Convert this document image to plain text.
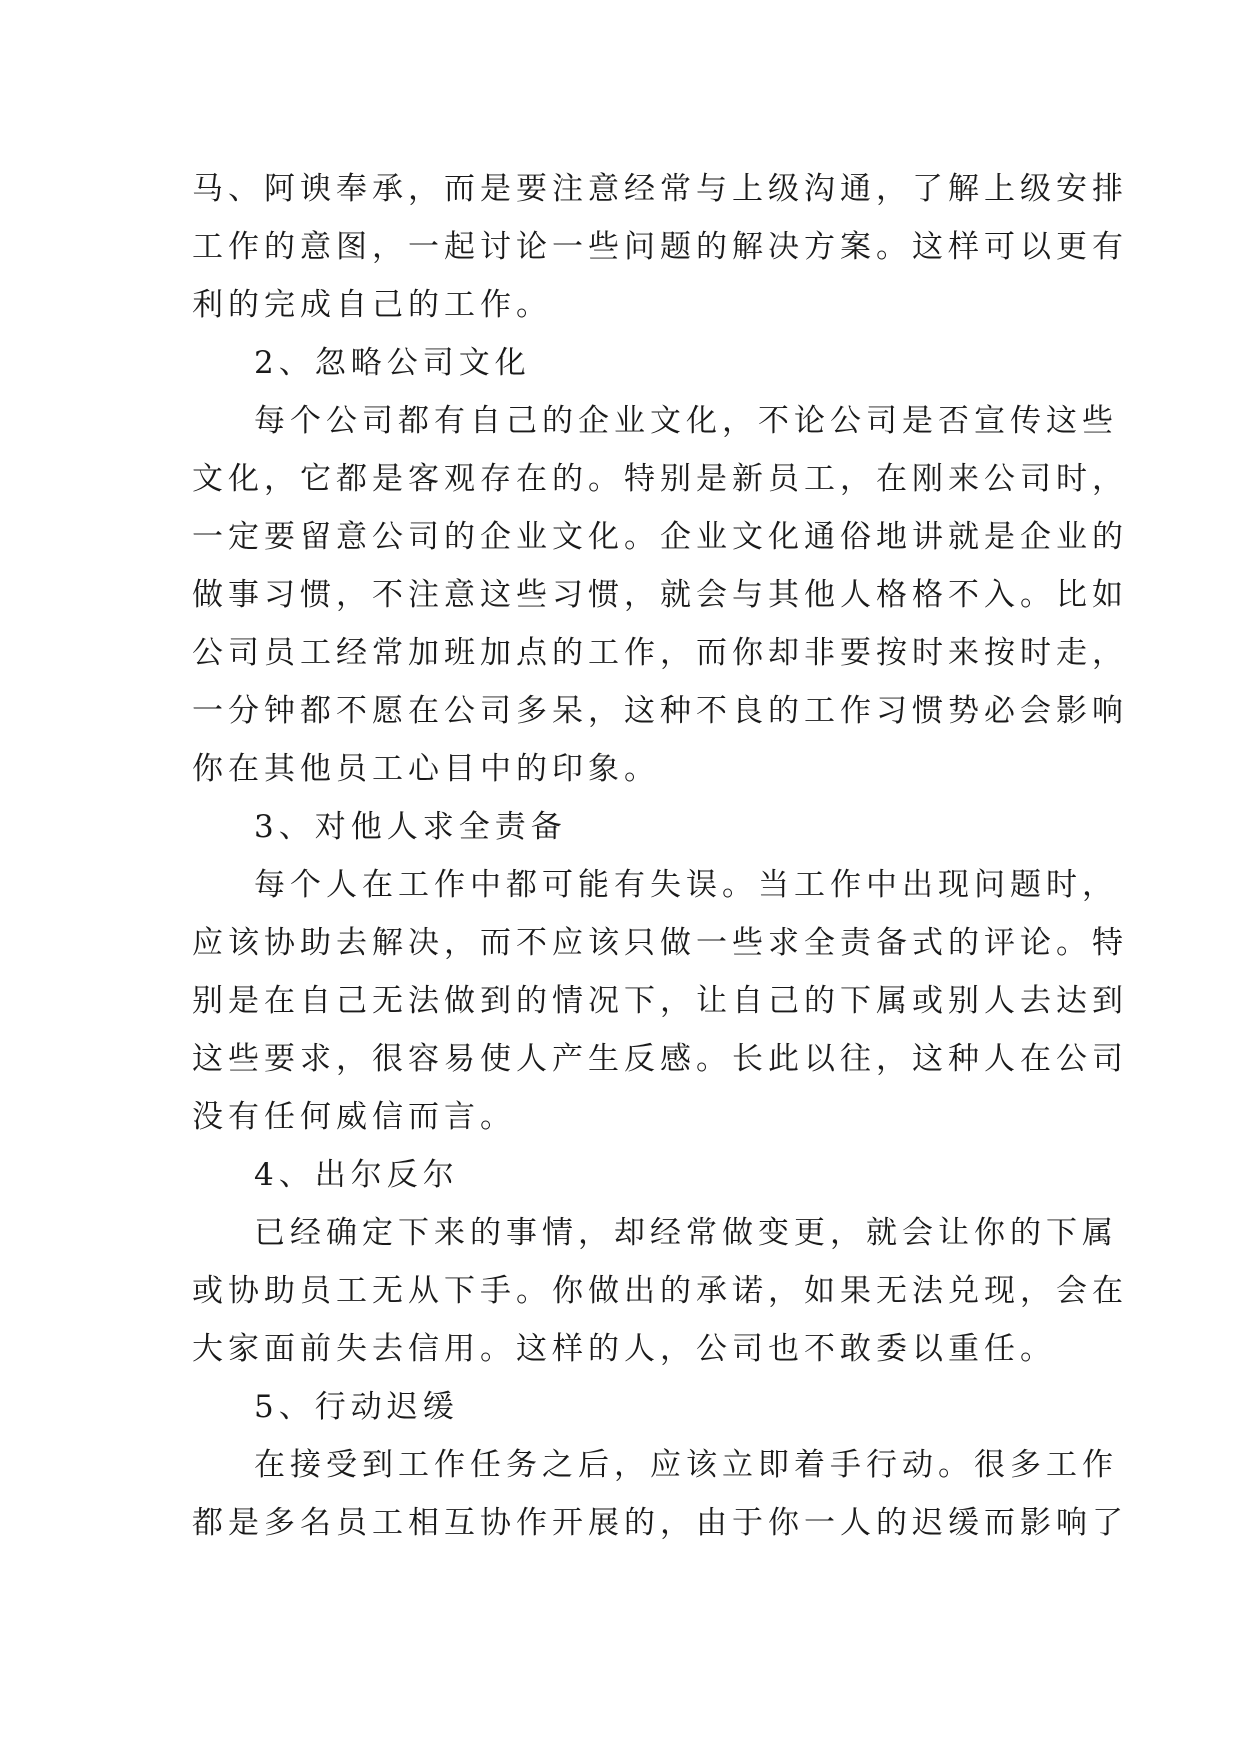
马 、 阿 谀 奉 承 ， 而 是 要 注 意 经 常 与 上 级 沟 通 ， 了 解 上 级 安 排
工 作 的 意 图 ， 一 起 讨 论 一 些 问 题 的 解 决 方 案 。 这 样 可 以 更 有
利的完成自己的工作。
2、忽略公司文化
每 个 公 司 都 有 自 己 的 企 业 文 化 ， 不 论 公 司 是 否 宣 传 这 些
文 化 ， 它 都 是 客 观 存 在 的 。 特 别 是 新 员 工 ， 在 刚 来 公 司 时 ，
一 定 要 留 意 公 司 的 企 业 文 化 。 企 业 文 化 通 俗 地 讲 就 是 企 业 的
做 事 习 惯 ， 不 注 意 这 些 习 惯 ， 就 会 与 其 他 人 格 格 不 入 。 比 如
公 司 员 工 经 常 加 班 加 点 的 工 作 ， 而 你 却 非 要 按 时 来 按 时 走 ，
一 分 钟 都 不 愿 在 公 司 多 呆 ， 这 种 不 良 的 工 作 习 惯 势 必 会 影 响
你在其他员工心目中的印象。
3、对他人求全责备
每 个 人 在 工 作 中 都 可 能 有 失 误 。 当 工 作 中 出 现 问 题 时 ，
应 该 协 助 去 解 决 ， 而 不 应 该 只 做 一 些 求 全 责 备 式 的 评 论 。 特
别 是 在 自 己 无 法 做 到 的 情 况 下 ， 让 自 己 的 下 属 或 别 人 去 达 到
这 些 要 求 ， 很 容 易 使 人 产 生 反 感 。 长 此 以 往 ， 这 种 人 在 公 司
没有任何威信而言。
4、出尔反尔
已 经 确 定 下 来 的 事 情 ， 却 经 常 做 变 更 ， 就 会 让 你 的 下 属
或 协 助 员 工 无 从 下 手 。 你 做 出 的 承 诺 ， 如 果 无 法 兑 现 ， 会 在
大家面前失去信用。这样的人，公司也不敢委以重任。
5、行动迟缓
在 接 受 到 工 作 任 务 之 后 ， 应 该 立 即 着 手 行 动 。 很 多 工 作
都 是 多 名 员 工 相 互 协 作 开 展 的 ， 由 于 你 一 人 的 迟 缓 而 影 响 了
